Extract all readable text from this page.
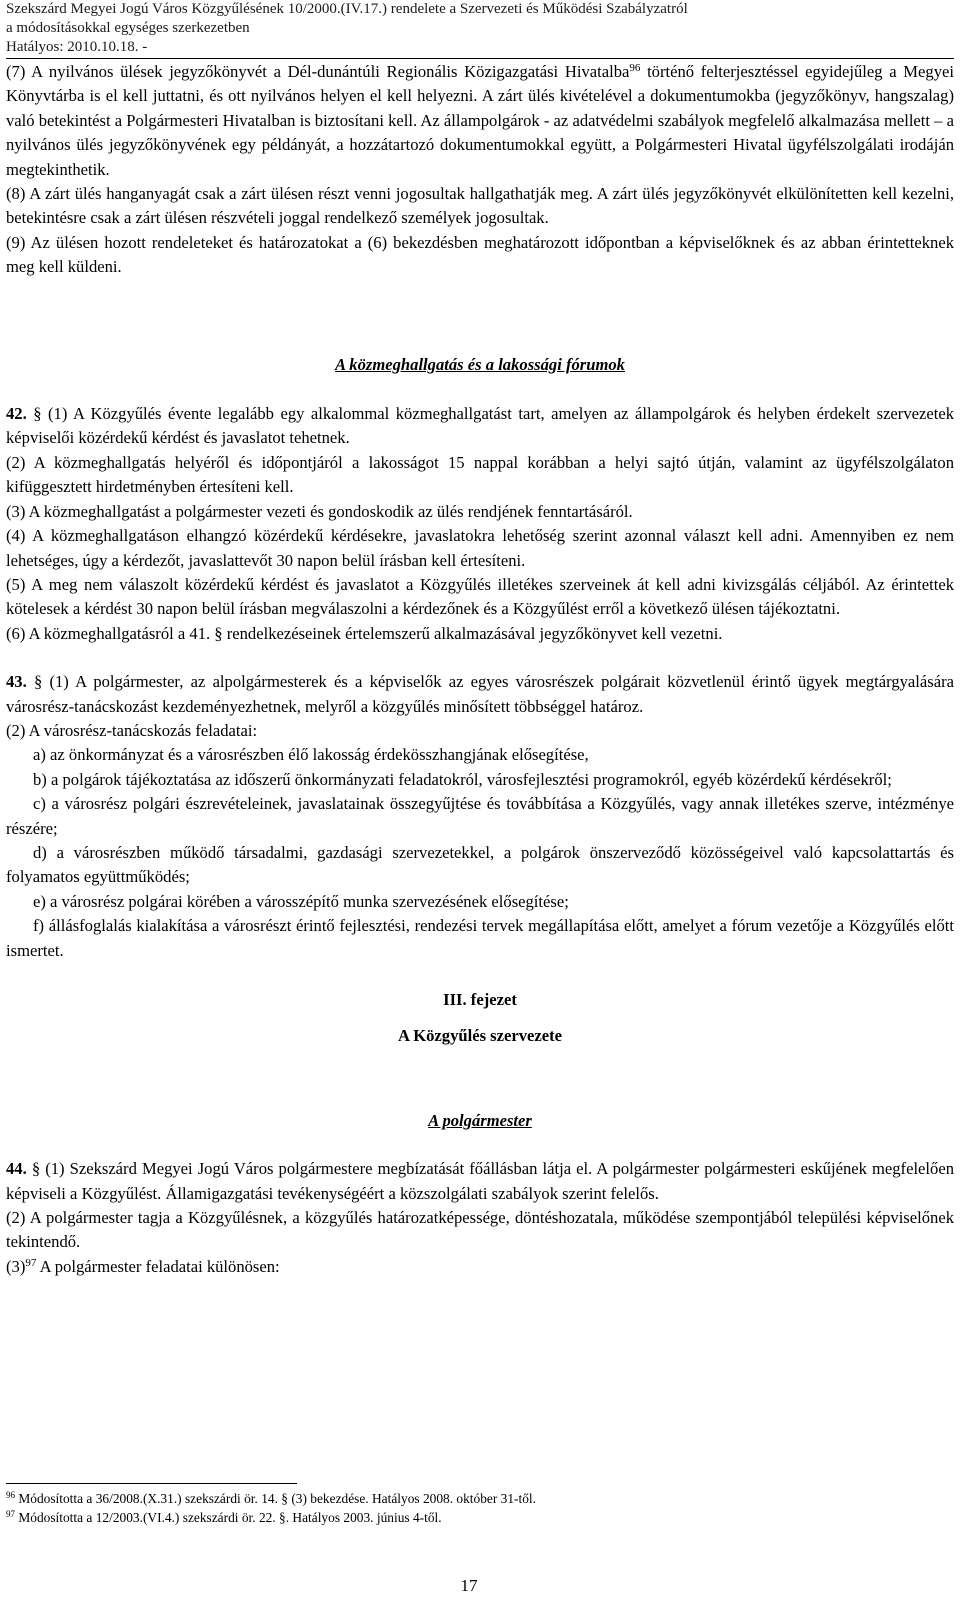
Szekszárd Megyei Jogú Város Közgyűlésének 10/2000.(IV.17.) rendelete a Szervezeti és Működési Szabályzatról
a módosításokkal egységes szerkezetben
Hatályos: 2010.10.18. -

(7) A nyilvános ülések jegyzőkönyvét a Dél-dunántúli Regionális Közigazgatási Hivatalba$^{96}$ történő felterjesztéssel egyidejűleg a Megyei Könyvtárba is el kell juttatni, és ott nyilvános helyen el kell helyezni. A zárt ülés kivételével a dokumentumokba (jegyzőkönyv, hangszalag) való betekintést a Polgármesteri Hivatalban is biztosítani kell. Az állampolgárok - az adatvédelmi szabályok megfelelő alkalmazása mellett – a nyilvános ülés jegyzőkönyvének egy példányát, a hozzátartozó dokumentumokkal együtt, a Polgármesteri Hivatal ügyfélszolgálati irodáján megtekinthetik.

(8) A zárt ülés hanganyagát csak a zárt ülésen részt venni jogosultak hallgathatják meg. A zárt ülés jegyzőkönyvét elkülönítetten kell kezelni, betekintésre csak a zárt ülésen részvételi joggal rendelkező személyek jogosultak.

(9) Az ülésen hozott rendeleteket és határozatokat a (6) bekezdésben meghatározott időpontban a képviselőknek és az abban érintetteknek meg kell küldeni.

A közmeghallgatás és a lakossági fórumok

42. § (1) A Közgyűlés évente legalább egy alkalommal közmeghallgatást tart, amelyen az állampolgárok és helyben érdekelt szervezetek képviselői közérdekű kérdést és javaslatot tehetnek.

(2) A közmeghallgatás helyéről és időpontjáról a lakosságot 15 nappal korábban a helyi sajtó útján, valamint az ügyfélszolgálaton kifüggesztett hirdetményben értesíteni kell.

(3) A közmeghallgatást a polgármester vezeti és gondoskodik az ülés rendjének fenntartásáról.

(4) A közmeghallgatáson elhangzó közérdekű kérdésekre, javaslatokra lehetőség szerint azonnal választ kell adni. Amennyiben ez nem lehetséges, úgy a kérdezőt, javaslattevőt 30 napon belül írásban kell értesíteni.

(5) A meg nem válaszolt közérdekű kérdést és javaslatot a Közgyűlés illetékes szerveinek át kell adni kivizsgálás céljából. Az érintettek kötelesek a kérdést 30 napon belül írásban megválaszolni a kérdezőnek és a Közgyűlést erről a következő ülésen tájékoztatni.

(6) A közmeghallgatásról a 41. § rendelkezéseinek értelemszerű alkalmazásával jegyzőkönyvet kell vezetni.

43. § (1) A polgármester, az alpolgármesterek és a képviselők az egyes városrészek polgárait közvetlenül érintő ügyek megtárgyalására városrész-tanácskozást kezdeményezhetnek, melyről a közgyűlés minősített többséggel határoz.

(2) A városrész-tanácskozás feladatai:

a) az önkormányzat és a városrészben élő lakosság érdekösszhangjának elősegítése,

b) a polgárok tájékoztatása az időszerű önkormányzati feladatokról, városfejlesztési programokról, egyéb közérdekű kérdésekről;

c) a városrész polgári észrevételeinek, javaslatainak összegyűjtése és továbbítása a Közgyűlés, vagy annak illetékes szerve, intézménye részére;

d) a városrészben működő társadalmi, gazdasági szervezetekkel, a polgárok önszerveződő közösségeivel való kapcsolattartás és folyamatos együttműködés;

e) a városrész polgárai körében a városszépítő munka szervezésének elősegítése;

f) állásfoglalás kialakítása a városrészt érintő fejlesztési, rendezési tervek megállapítása előtt, amelyet a fórum vezetője a Közgyűlés előtt ismertet.

III. fejezet

A Közgyűlés szervezete

A polgármester

44. § (1) Szekszárd Megyei Jogú Város polgármestere megbízatását főállásban látja el. A polgármester polgármesteri eskűjének megfelelően képviseli a Közgyűlést. Államigazgatási tevékenységéért a közszolgálati szabályok szerint felelős.

(2) A polgármester tagja a Közgyűlésnek, a közgyűlés határozatképessége, döntéshozatala, működése szempontjából települési képviselőnek tekintendő.

$(3)^{97}$ A polgármester feladatai különösen:

$^{96}$ Módosította a 36/2008.(X.31.) szekszárdi ör. 14. § (3) bekezdése. Hatályos 2008. október 31-től.

$^{97}$ Módosította a 12/2003.(VI.4.) szekszárdi ör. 22. §. Hatályos 2003. június 4-től.

17
